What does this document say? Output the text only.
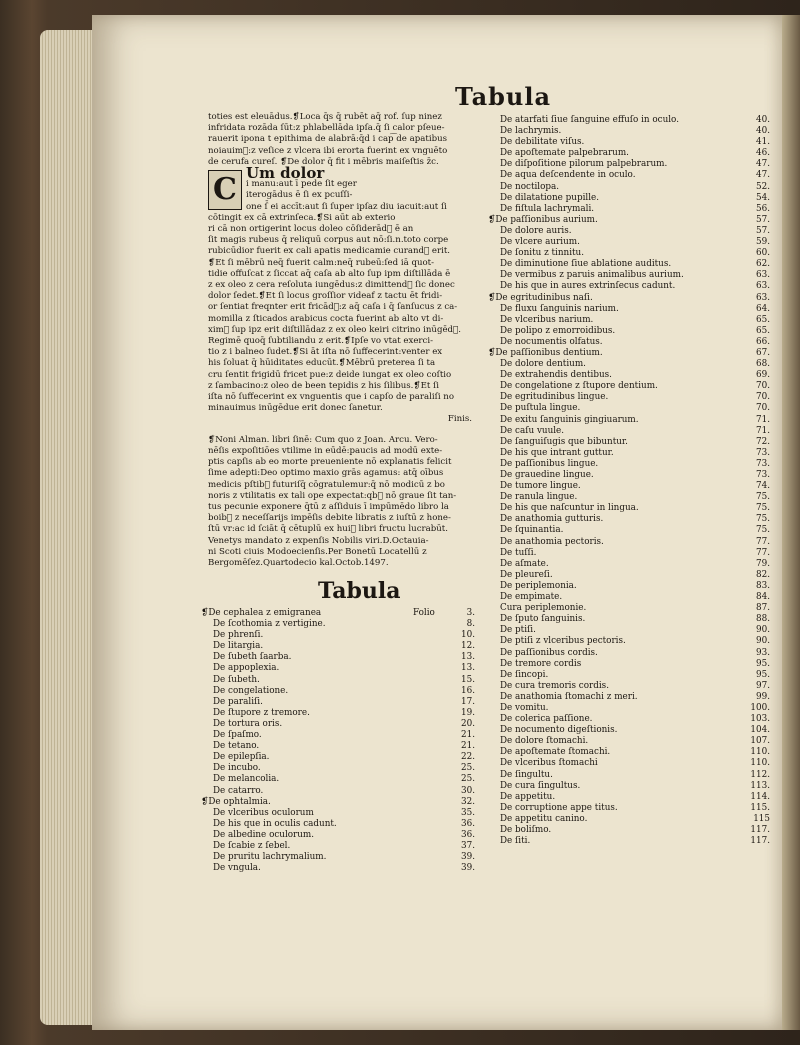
Tabula

toties est eleuādus.❡Loca q̄s q̄ rubēt aq̄ rof. ſup ninez

infridata rozāda ſūt:z phlabellāda ipſa.q̄ ſi calor pſeue-

rauerit ipona t epithima de alabrā:q̄d i cap͡ de apatibus

noiauim᷑:z veſice z vlcera ibi erorta fuerint ex vnguēto

de cerufa cureſ. ❡De dolor q̄ fit i mēbris maiſeſtis z̄c.

C Um dolor

i manu:aut ī pede ſit eger

iterogādus ē ſi ex pcuſſi-

one ſ̄ ei accīt:aut ſi ſuper ipſaz diu iacuit:aut ſi

cōtingit ex cā extrinſeca.❡Si aūt ab exterio

ri cā non ortigerint locus doleo cōſiderād᷑ ē an

ſit magis rubeus q̄ reliquū corpus aut nō:ſi.n.toto corpe

rubicūdior fuerit ex cali apatis medicamie curand᷑ erit.

❡Et ſi mēbrū neq̄ fuerit calm:neq̄ rubeū:ſed iā quot-

tidie offuſcat z ſiccat aq̄ caſa ab alto ſup ipm diſtillāda ē

z ex oleo z cera reſoluta iungēdus:z dimittend᷑ ſic donec

dolor ſedet.❡Et ſi locus groſſior videaf z tactu ēt fridi-

or ſentiat freqnter erit fricād᷑:z aq̄ caſa i q̄ ſanſucus z ca-

momilla z ſticados arabicus cocta fuerint ab alto vt di-

xim᷑ ſup ipz erit diſtillādaz z ex oleo keiri citrino inūgēd᷑.

Regimē quoq̄ ſubtiliandu z erit.❡Ipſe vo vtat exerci-

tio z i balneo ſudet.❡Si āt iſta nō ſuffecerint:venter ex

his ſoluat q̄ hūiditates educūt.❡Mēbrū preterea ſi ta

cru ſentit frigidū fricet pue:z deide iungat ex oleo coſtio

z ſambacino:z oleo de been tepidis z his ſilibus.❡Et ſi

iſta nō ſuffecerint ex vnguentis que i capſo de paraliſi no

minauimus inūgēdue erit donec ſanetur.

Finis.

❡Noni Alman. libri ſinē: Cum quo z Joan. Arcu. Vero-

nēſis expoſitiōes vtilime in eūdē:paucis ad modū exte-

ptis capſis ab eo morte preueniente nō explanatis felicit

ſime adepti:Deo optimo maxio grās agamus: atq̄ oībus

medicis pſtib᷑ futuriſq̄ cōgratulemur:q̄ nō modicū z bo

noris z vtilitatis ex tali ope expectat:qb᷑ nō graue ſit tan-

tus pecunie exponere q̄tū z aſſiduis ī impūmēdo libro la

boib᷑ z neceſſarijs impēſis debite libratis z iuſtū z hone-

ſtū vr:ac id ſciāt q̄ cētuplū ex hui᷑ libri fructu lucrabūt.

Venetys mandato z expenſis Nobilis viri.D.Octauia-

ni Scoti ciuis Modoecienſis.Per Bonetū Locatellū z

Bergomēſez.Quartodecio kal.Octob.1497.

Tabula
Folio
❡De cephalea z emigranea	3.
De ſcothomia z vertigine.	8.
De phrenſi.	10.
De litargia.	12.
De ſubeth ſaarba.	13.
De appoplexia.	13.
De ſubeth.	15.
De congelatione.	16.
De paraliſi.	17.
De ſtupore z tremore.	19.
De tortura oris.	20.
De ſpaſmo.	21.
De tetano.	21.
De epilepſia.	22.
De incubo.	25.
De melancolia.	25.
De catarro.	30.
❡De ophtalmia.	32.
De vlceribus oculorum	35.
De his que in oculis cadunt.	36.
De albedine oculorum.	36.
De ſcabie z ſebel.	37.
De pruritu lachrymalium.	39.
De vngula.	39.
De atarfati ſiue ſanguine effuſo in oculo.	40.
De lachrymis.	40.
De debilitate viſus.	41.
De apoſtemate palpebrarum.	46.
De diſpoſitione pilorum palpebrarum.	47.
De aqua deſcendente in oculo.	47.
De noctilopa.	52.
De dilatatione pupille.	54.
De fiſtula lachrymali.	56.
❡De paſſionibus aurium.	57.
De dolore auris.	57.
De vlcere aurium.	59.
De ſonitu z tinnitu.	60.
De diminutione ſiue ablatione auditus.	62.
De vermibus z paruis animalibus aurium.	63.
De his que in aures extrinſecus cadunt.	63.
❡De egritudinibus naſi.	63.
De fluxu ſanguinis narium.	64.
De vlceribus narium.	65.
De polipo z emorroidibus.	65.
De nocumentis olfatus.	66.
❡De paſſionibus dentium.	67.
De dolore dentium.	68.
De extrahendis dentibus.	69.
De congelatione z ſtupore dentium.	70.
De egritudinibus lingue.	70.
De puſtula lingue.	70.
De exitu ſanguinis gingiuarum.	71.
De caſu vuule.	71.
De ſanguiſugis que bibuntur.	72.
De his que intrant guttur.	73.
De paſſionibus lingue.	73.
De grauedine lingue.	73.
De tumore lingue.	74.
De ranula lingue.	75.
De his que naſcuntur in lingua.	75.
De anathomia gutturis.	75.
De ſquinantia.	75.
De anathomia pectoris.	77.
De tuſſi.	77.
De aſmate.	79.
De pleureſi.	82.
De periplemonia.	83.
De empimate.	84.
Cura periplemonie.	87.
De ſputo ſanguinis.	88.
De ptiſi.	90.
De ptiſi z vlceribus pectoris.	90.
De paſſionibus cordis.	93.
De tremore cordis	95.
De ſincopi.	95.
De cura tremoris cordis.	97.
De anathomia ſtomachi z meri.	99.
De vomitu.	100.
De colerica paſſione.	103.
De nocumento digeſtionis.	104.
De dolore ſtomachi.	107.
De apoſtemate ſtomachi.	110.
De vlceribus ſtomachi	110.
De ſingultu.	112.
De cura ſingultus.	113.
De appetitu.	114.
De corruptione appe titus.	115.
De appetitu canino.	115
De boliſmo.	117.
De ſiti.	117.
